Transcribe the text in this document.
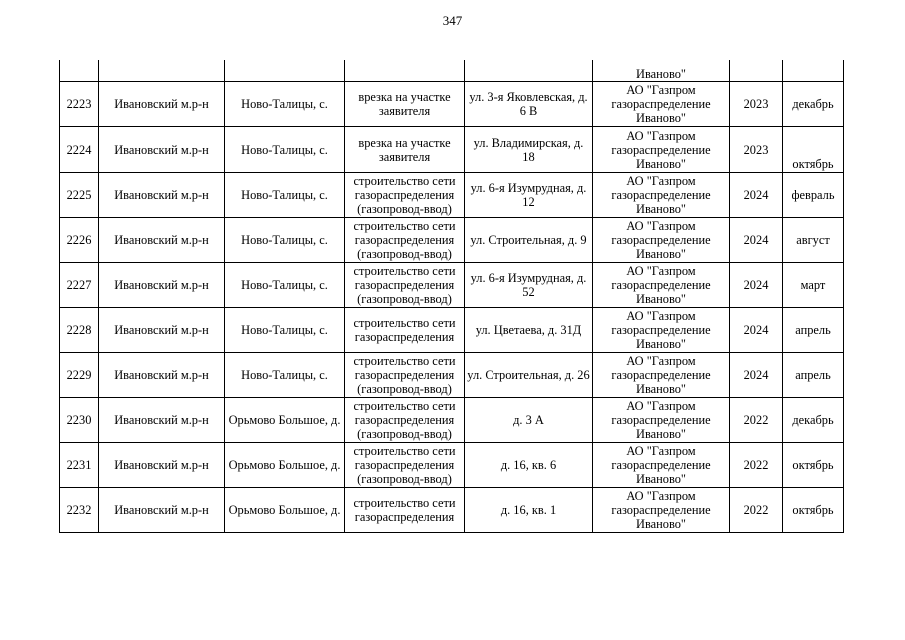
347
					Иваново"		
2223	Ивановский м.р-н	Ново-Талицы, с.	врезка на участке заявителя	ул. 3-я Яковлевская, д. 6 В	АО "Газпром газораспределение Иваново"	2023	декабрь
2224	Ивановский м.р-н	Ново-Талицы, с.	врезка на участке заявителя	ул. Владимирская, д. 18	АО "Газпром газораспределение Иваново"	2023	октябрь
2225	Ивановский м.р-н	Ново-Талицы, с.	строительство сети газораспределения (газопровод-ввод)	ул. 6-я Изумрудная, д. 12	АО "Газпром газораспределение Иваново"	2024	февраль
2226	Ивановский м.р-н	Ново-Талицы, с.	строительство сети газораспределения (газопровод-ввод)	ул. Строительная, д. 9	АО "Газпром газораспределение Иваново"	2024	август
2227	Ивановский м.р-н	Ново-Талицы, с.	строительство сети газораспределения (газопровод-ввод)	ул. 6-я Изумрудная, д. 52	АО "Газпром газораспределение Иваново"	2024	март
2228	Ивановский м.р-н	Ново-Талицы, с.	строительство сети газораспределения	ул. Цветаева, д. 31Д	АО "Газпром газораспределение Иваново"	2024	апрель
2229	Ивановский м.р-н	Ново-Талицы, с.	строительство сети газораспределения (газопровод-ввод)	ул. Строительная, д. 26	АО "Газпром газораспределение Иваново"	2024	апрель
2230	Ивановский м.р-н	Орьмово Большое, д.	строительство сети газораспределения (газопровод-ввод)	д. 3 А	АО "Газпром газораспределение Иваново"	2022	декабрь
2231	Ивановский м.р-н	Орьмово Большое, д.	строительство сети газораспределения (газопровод-ввод)	д. 16, кв. 6	АО "Газпром газораспределение Иваново"	2022	октябрь
2232	Ивановский м.р-н	Орьмово Большое, д.	строительство сети газораспределения	д. 16, кв. 1	АО "Газпром газораспределение Иваново"	2022	октябрь
